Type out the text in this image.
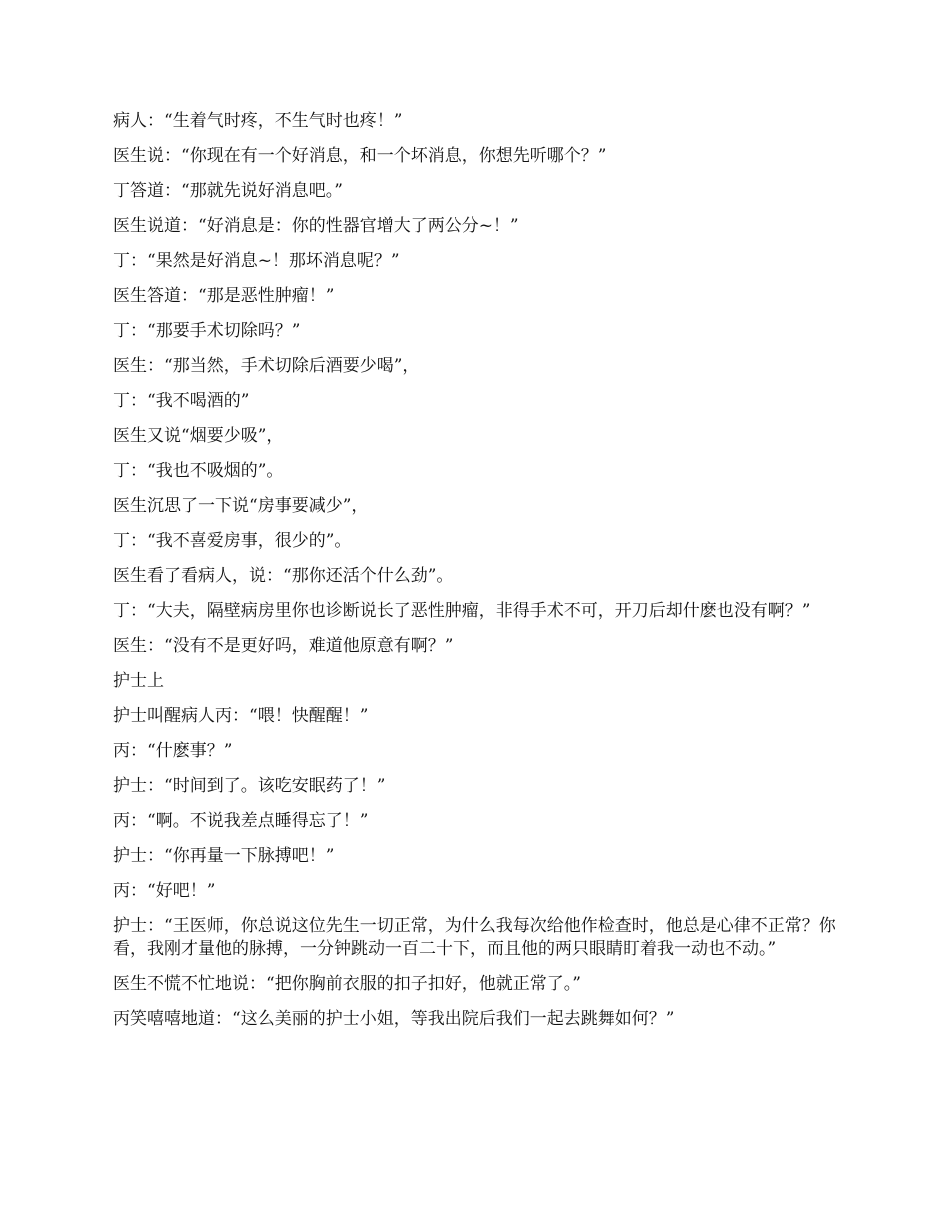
病人：“生着气时疼，不生气时也疼！”

医生说：“你现在有一个好消息，和一个坏消息，你想先听哪个？”

丁答道：“那就先说好消息吧。”

医生说道：“好消息是：你的性器官增大了两公分~！”

丁：“果然是好消息~！那坏消息呢？”

医生答道：“那是恶性肿瘤！”

丁：“那要手术切除吗？”

医生：“那当然，手术切除后酒要少喝”，

丁：“我不喝酒的”

医生又说“烟要少吸”，

丁：“我也不吸烟的”。

医生沉思了一下说“房事要减少”，

丁：“我不喜爱房事，很少的”。

医生看了看病人，说：“那你还活个什么劲”。

丁：“大夫，隔壁病房里你也诊断说长了恶性肿瘤，非得手术不可，开刀后却什麽也没有啊？”

医生：“没有不是更好吗，难道他原意有啊？”

护士上

护士叫醒病人丙：“喂！快醒醒！”

丙：“什麽事？”

护士：“时间到了。该吃安眠药了！”

丙：“啊。不说我差点睡得忘了！”

护士：“你再量一下脉搏吧！”

丙：“好吧！”

护士：“王医师，你总说这位先生一切正常，为什么我每次给他作检查时，他总是心律不正常？你看，我刚才量他的脉搏，一分钟跳动一百二十下，而且他的两只眼睛盯着我一动也不动。”

医生不慌不忙地说：“把你胸前衣服的扣子扣好，他就正常了。”

丙笑嘻嘻地道：“这么美丽的护士小姐，等我出院后我们一起去跳舞如何？”
